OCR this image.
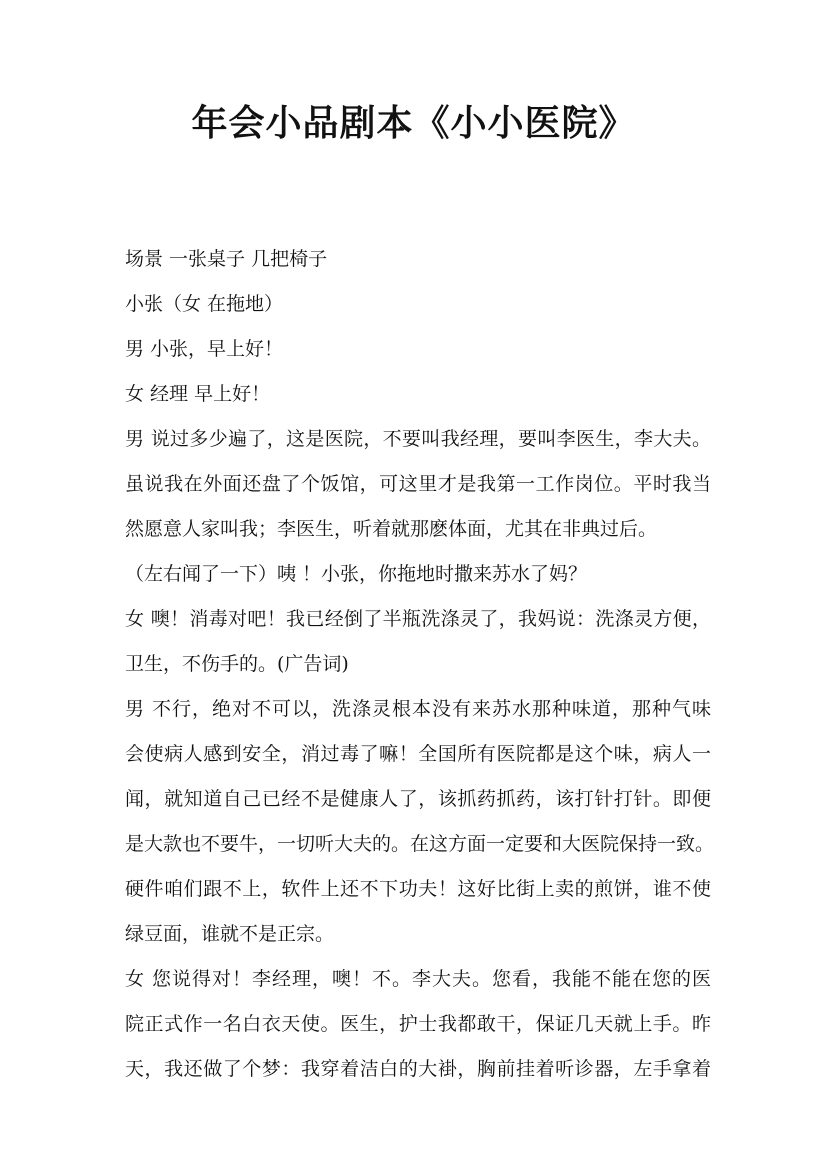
年会小品剧本《小小医院》
场景 一张桌子 几把椅子
小张（女 在拖地）
男 小张，早上好！
女 经理 早上好！
男 说过多少遍了，这是医院，不要叫我经理，要叫李医生，李大夫。
虽说我在外面还盘了个饭馆，可这里才是我第一工作岗位。平时我当
然愿意人家叫我；李医生，听着就那麽体面，尤其在非典过后。
（左右闻了一下）咦 ！小张，你拖地时撒来苏水了妈？
女 噢！消毒对吧！我已经倒了半瓶洗涤灵了，我妈说：洗涤灵方便，
卫生，不伤手的。(广告词)
男 不行，绝对不可以，洗涤灵根本没有来苏水那种味道，那种气味
会使病人感到安全，消过毒了嘛！全国所有医院都是这个味，病人一
闻，就知道自己已经不是健康人了，该抓药抓药，该打针打针。即便
是大款也不要牛，一切听大夫的。在这方面一定要和大医院保持一致。
硬件咱们跟不上，软件上还不下功夫！这好比街上卖的煎饼，谁不使
绿豆面，谁就不是正宗。
女 您说得对！李经理，噢！不。李大夫。您看，我能不能在您的医
院正式作一名白衣天使。医生，护士我都敢干，保证几天就上手。昨
天，我还做了个梦：我穿着洁白的大褂，胸前挂着听诊器，左手拿着
